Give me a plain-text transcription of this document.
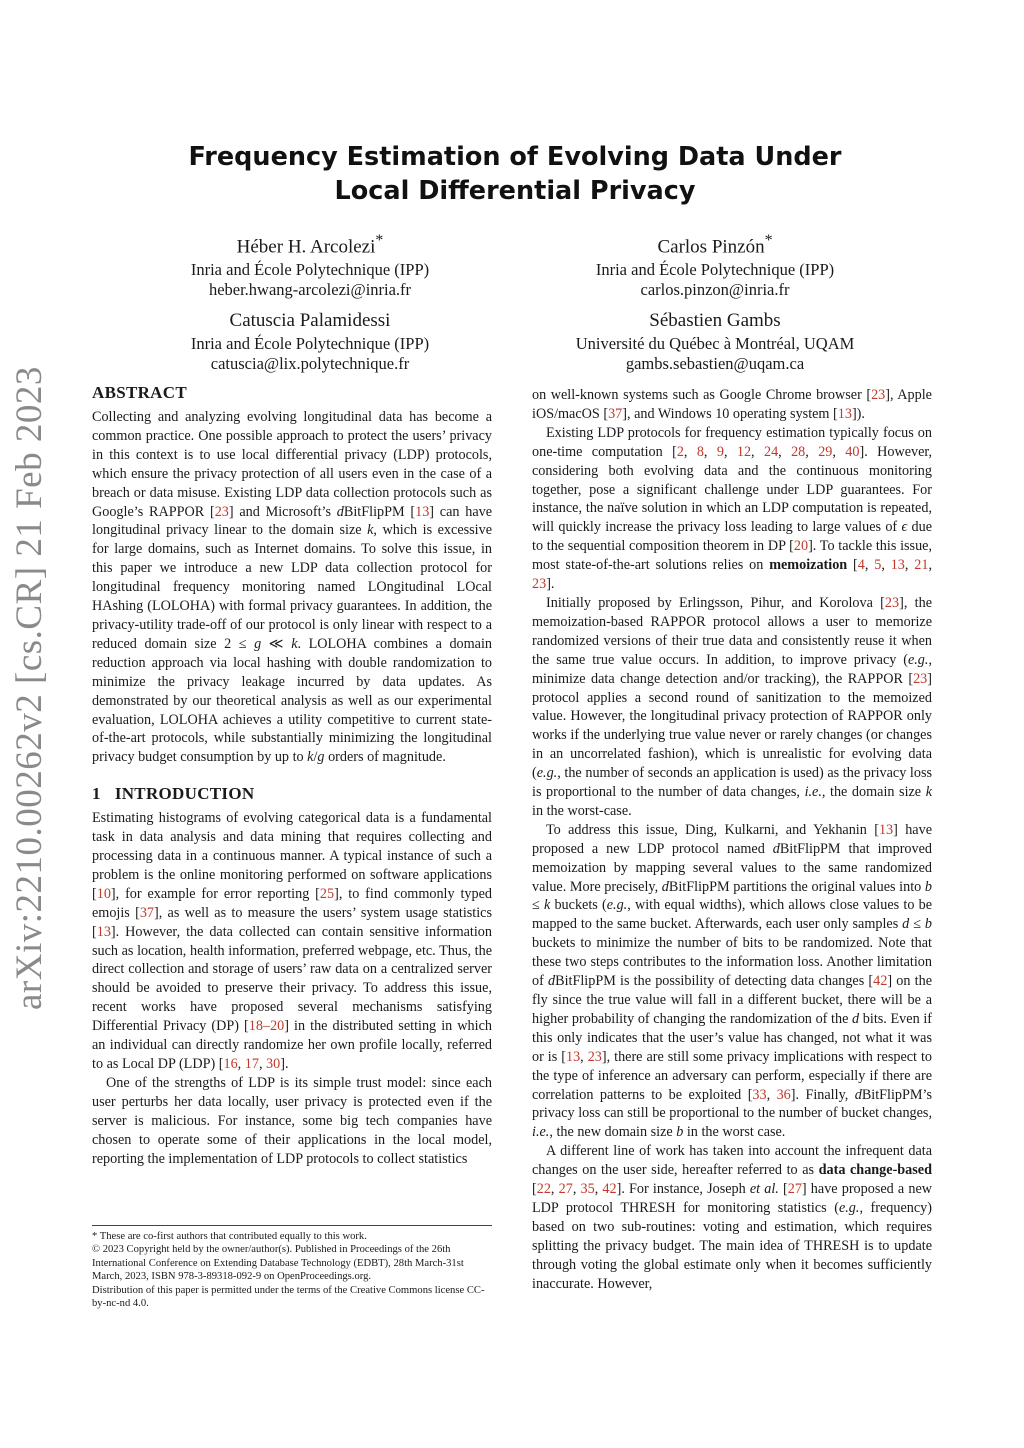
arXiv:2210.00262v2 [cs.CR] 21 Feb 2023
Frequency Estimation of Evolving Data Under
Local Differential Privacy
Héber H. Arcolezi*
Inria and École Polytechnique (IPP)
heber.hwang-arcolezi@inria.fr
Carlos Pinzón*
Inria and École Polytechnique (IPP)
carlos.pinzon@inria.fr
Catuscia Palamidessi
Inria and École Polytechnique (IPP)
catuscia@lix.polytechnique.fr
Sébastien Gambs
Université du Québec à Montréal, UQAM
gambs.sebastien@uqam.ca
ABSTRACT

Collecting and analyzing evolving longitudinal data has become a common practice. One possible approach to protect the users’ privacy in this context is to use local differential privacy (LDP) protocols, which ensure the privacy protection of all users even in the case of a breach or data misuse. Existing LDP data collection protocols such as Google’s RAPPOR [23] and Microsoft’s dBitFlipPM [13] can have longitudinal privacy linear to the domain size k, which is excessive for large domains, such as Internet domains. To solve this issue, in this paper we introduce a new LDP data collection protocol for longitudinal frequency monitoring named LOngitudinal LOcal HAshing (LOLOHA) with formal privacy guarantees. In addition, the privacy-utility trade-off of our protocol is only linear with respect to a reduced domain size 2 ≤ g ≪ k. LOLOHA combines a domain reduction approach via local hashing with double randomization to minimize the privacy leakage incurred by data updates. As demonstrated by our theoretical analysis as well as our experimental evaluation, LOLOHA achieves a utility competitive to current state-of-the-art protocols, while substantially minimizing the longitudinal privacy budget consumption by up to k/g orders of magnitude.

1 INTRODUCTION

Estimating histograms of evolving categorical data is a fundamental task in data analysis and data mining that requires collecting and processing data in a continuous manner. A typical instance of such a problem is the online monitoring performed on software applications [10], for example for error reporting [25], to find commonly typed emojis [37], as well as to measure the users’ system usage statistics [13]. However, the data collected can contain sensitive information such as location, health information, preferred webpage, etc. Thus, the direct collection and storage of users’ raw data on a centralized server should be avoided to preserve their privacy. To address this issue, recent works have proposed several mechanisms satisfying Differential Privacy (DP) [18–20] in the distributed setting in which an individual can directly randomize her own profile locally, referred to as Local DP (LDP) [16, 17, 30].

One of the strengths of LDP is its simple trust model: since each user perturbs her data locally, user privacy is protected even if the server is malicious. For instance, some big tech companies have chosen to operate some of their applications in the local model, reporting the implementation of LDP protocols to collect statistics

* These are co-first authors that contributed equally to this work.

© 2023 Copyright held by the owner/author(s). Published in Proceedings of the 26th International Conference on Extending Database Technology (EDBT), 28th March-31st March, 2023, ISBN 978-3-89318-092-9 on OpenProceedings.org.

Distribution of this paper is permitted under the terms of the Creative Commons license CC-by-nc-nd 4.0.

on well-known systems such as Google Chrome browser [23], Apple iOS/macOS [37], and Windows 10 operating system [13]).

Existing LDP protocols for frequency estimation typically focus on one-time computation [2, 8, 9, 12, 24, 28, 29, 40]. However, considering both evolving data and the continuous monitoring together, pose a significant challenge under LDP guarantees. For instance, the naïve solution in which an LDP computation is repeated, will quickly increase the privacy loss leading to large values of ϵ due to the sequential composition theorem in DP [20]. To tackle this issue, most state-of-the-art solutions relies on memoization [4, 5, 13, 21, 23].

Initially proposed by Erlingsson, Pihur, and Korolova [23], the memoization-based RAPPOR protocol allows a user to memorize randomized versions of their true data and consistently reuse it when the same true value occurs. In addition, to improve privacy (e.g., minimize data change detection and/or tracking), the RAPPOR [23] protocol applies a second round of sanitization to the memoized value. However, the longitudinal privacy protection of RAPPOR only works if the underlying true value never or rarely changes (or changes in an uncorrelated fashion), which is unrealistic for evolving data (e.g., the number of seconds an application is used) as the privacy loss is proportional to the number of data changes, i.e., the domain size k in the worst-case.

To address this issue, Ding, Kulkarni, and Yekhanin [13] have proposed a new LDP protocol named dBitFlipPM that improved memoization by mapping several values to the same randomized value. More precisely, dBitFlipPM partitions the original values into b ≤ k buckets (e.g., with equal widths), which allows close values to be mapped to the same bucket. Afterwards, each user only samples d ≤ b buckets to minimize the number of bits to be randomized. Note that these two steps contributes to the information loss. Another limitation of dBitFlipPM is the possibility of detecting data changes [42] on the fly since the true value will fall in a different bucket, there will be a higher probability of changing the randomization of the d bits. Even if this only indicates that the user’s value has changed, not what it was or is [13, 23], there are still some privacy implications with respect to the type of inference an adversary can perform, especially if there are correlation patterns to be exploited [33, 36]. Finally, dBitFlipPM’s privacy loss can still be proportional to the number of bucket changes, i.e., the new domain size b in the worst case.

A different line of work has taken into account the infrequent data changes on the user side, hereafter referred to as data change-based [22, 27, 35, 42]. For instance, Joseph et al. [27] have proposed a new LDP protocol THRESH for monitoring statistics (e.g., frequency) based on two sub-routines: voting and estimation, which requires splitting the privacy budget. The main idea of THRESH is to update through voting the global estimate only when it becomes sufficiently inaccurate. However,
